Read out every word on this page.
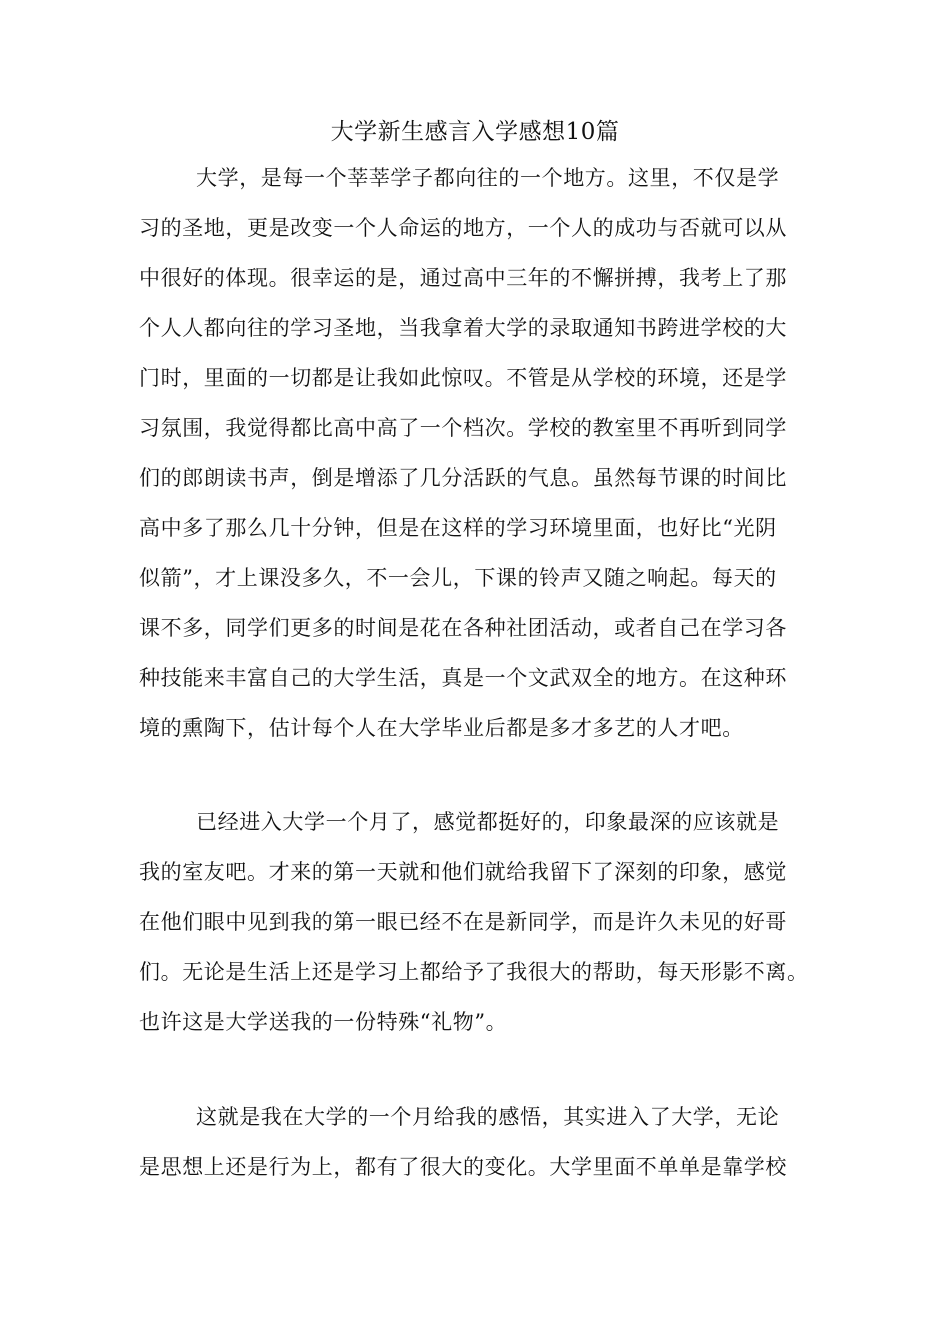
大学新生感言入学感想10篇
大学，是每一个莘莘学子都向往的一个地方。这里，不仅是学
习的圣地，更是改变一个人命运的地方，一个人的成功与否就可以从
中很好的体现。很幸运的是，通过高中三年的不懈拼搏，我考上了那
个人人都向往的学习圣地，当我拿着大学的录取通知书跨进学校的大
门时，里面的一切都是让我如此惊叹。不管是从学校的环境，还是学
习氛围，我觉得都比高中高了一个档次。学校的教室里不再听到同学
们的郎朗读书声，倒是增添了几分活跃的气息。虽然每节课的时间比
高中多了那么几十分钟，但是在这样的学习环境里面，也好比“光阴
似箭”，才上课没多久，不一会儿，下课的铃声又随之响起。每天的
课不多，同学们更多的时间是花在各种社团活动，或者自己在学习各
种技能来丰富自己的大学生活，真是一个文武双全的地方。在这种环
境的熏陶下，估计每个人在大学毕业后都是多才多艺的人才吧。
已经进入大学一个月了，感觉都挺好的，印象最深的应该就是
我的室友吧。才来的第一天就和他们就给我留下了深刻的印象，感觉
在他们眼中见到我的第一眼已经不在是新同学，而是许久未见的好哥
们。无论是生活上还是学习上都给予了我很大的帮助，每天形影不离。
也许这是大学送我的一份特殊“礼物”。
这就是我在大学的一个月给我的感悟，其实进入了大学，无论
是思想上还是行为上，都有了很大的变化。大学里面不单单是靠学校
